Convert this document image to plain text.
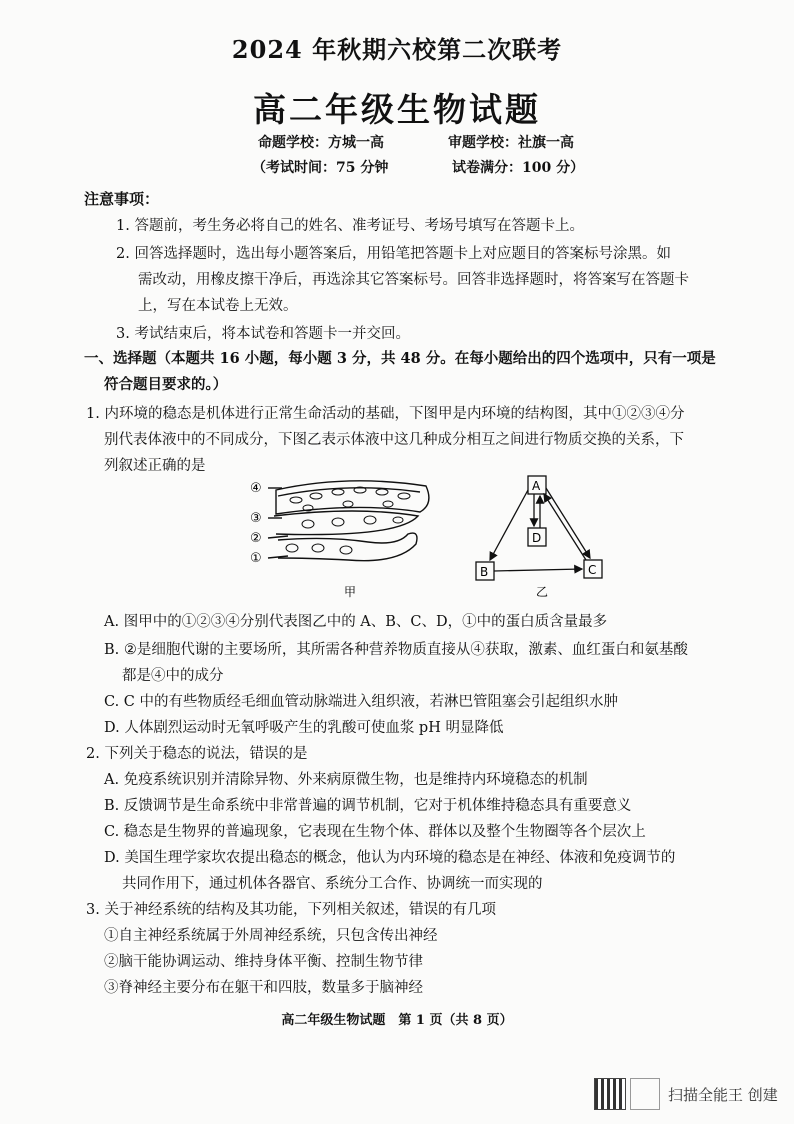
2024 年秋期六校第二次联考
高二年级生物试题
命题学校：方城一高	审题学校：社旗一高
（考试时间：75 分钟	试卷满分：100 分）
注意事项：
1. 答题前，考生务必将自己的姓名、准考证号、考场号填写在答题卡上。
2. 回答选择题时，选出每小题答案后，用铅笔把答题卡上对应题目的答案标号涂黑。如
需改动，用橡皮擦干净后，再选涂其它答案标号。回答非选择题时，将答案写在答题卡
上，写在本试卷上无效。
3. 考试结束后，将本试卷和答题卡一并交回。
一、选择题（本题共 16 小题，每小题 3 分，共 48 分。在每小题给出的四个选项中，只有一项是
符合题目要求的。）
1. 内环境的稳态是机体进行正常生命活动的基础，下图甲是内环境的结构图，其中①②③④分
别代表体液中的不同成分，下图乙表示体液中这几种成分相互之间进行物质交换的关系，下
列叙述正确的是
④
③
②
①
甲
A
D
B	C
乙
A. 图甲中的①②③④分别代表图乙中的 A、B、C、D，①中的蛋白质含量最多
B. ②是细胞代谢的主要场所，其所需各种营养物质直接从④获取，激素、血红蛋白和氨基酸
都是④中的成分
C. C 中的有些物质经毛细血管动脉端进入组织液，若淋巴管阻塞会引起组织水肿
D. 人体剧烈运动时无氧呼吸产生的乳酸可使血浆 pH 明显降低
2. 下列关于稳态的说法，错误的是
A. 免疫系统识别并清除异物、外来病原微生物，也是维持内环境稳态的机制
B. 反馈调节是生命系统中非常普遍的调节机制，它对于机体维持稳态具有重要意义
C. 稳态是生物界的普遍现象，它表现在生物个体、群体以及整个生物圈等各个层次上
D. 美国生理学家坎农提出稳态的概念，他认为内环境的稳态是在神经、体液和免疫调节的
共同作用下，通过机体各器官、系统分工合作、协调统一而实现的
3. 关于神经系统的结构及其功能，下列相关叙述，错误的有几项
①自主神经系统属于外周神经系统，只包含传出神经
②脑干能协调运动、维持身体平衡、控制生物节律
③脊神经主要分布在躯干和四肢，数量多于脑神经
高二年级生物试题　第 1 页（共 8 页）
扫描全能王 创建
